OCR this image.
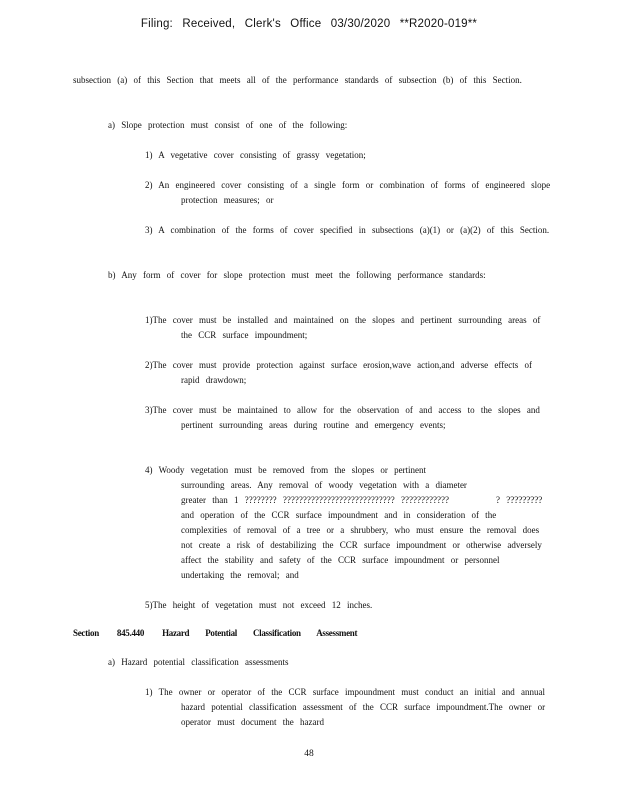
Filing: Received, Clerk's Office 03/30/2020 **R2020-019**
subsection (a) of this Section that meets all of the performance standards of subsection (b) of this Section.
a) Slope protection must consist of one of the following:
1) A vegetative cover consisting of grassy vegetation;
2) An engineered cover consisting of a single form or combination of forms of engineered slope protection measures; or
3) A combination of the forms of cover specified in subsections (a)(1) or (a)(2) of this Section.
b) Any form of cover for slope protection must meet the following performance standards:
1)The cover must be installed and maintained on the slopes and pertinent surrounding areas of the CCR surface impoundment;
2)The cover must provide protection against surface erosion,wave action,and adverse effects of rapid drawdown;
3)The cover must be maintained to allow for the observation of and access to the slopes and pertinent surrounding areas during routine and emergency events;
4) Woody vegetation must be removed from the slopes or pertinent
surrounding areas. Any removal of woody vegetation with a diameter
greater than 1 ???????? ???????????????????????????? ????????????	? ?????????
and operation of the CCR surface impoundment and in consideration of the complexities of removal of a tree or a shrubbery, who must ensure the removal does not create a risk of destabilizing the CCR surface impoundment or otherwise adversely affect the stability and safety of the CCR surface impoundment or personnel undertaking the removal; and
5)The height of vegetation must not exceed 12 inches.
Section 845.440 Hazard Potential Classification Assessment
a) Hazard potential classification assessments
1) The owner or operator of the CCR surface impoundment must conduct an initial and annual hazard potential classification assessment of the CCR surface impoundment.The owner or operator must document the hazard
48
